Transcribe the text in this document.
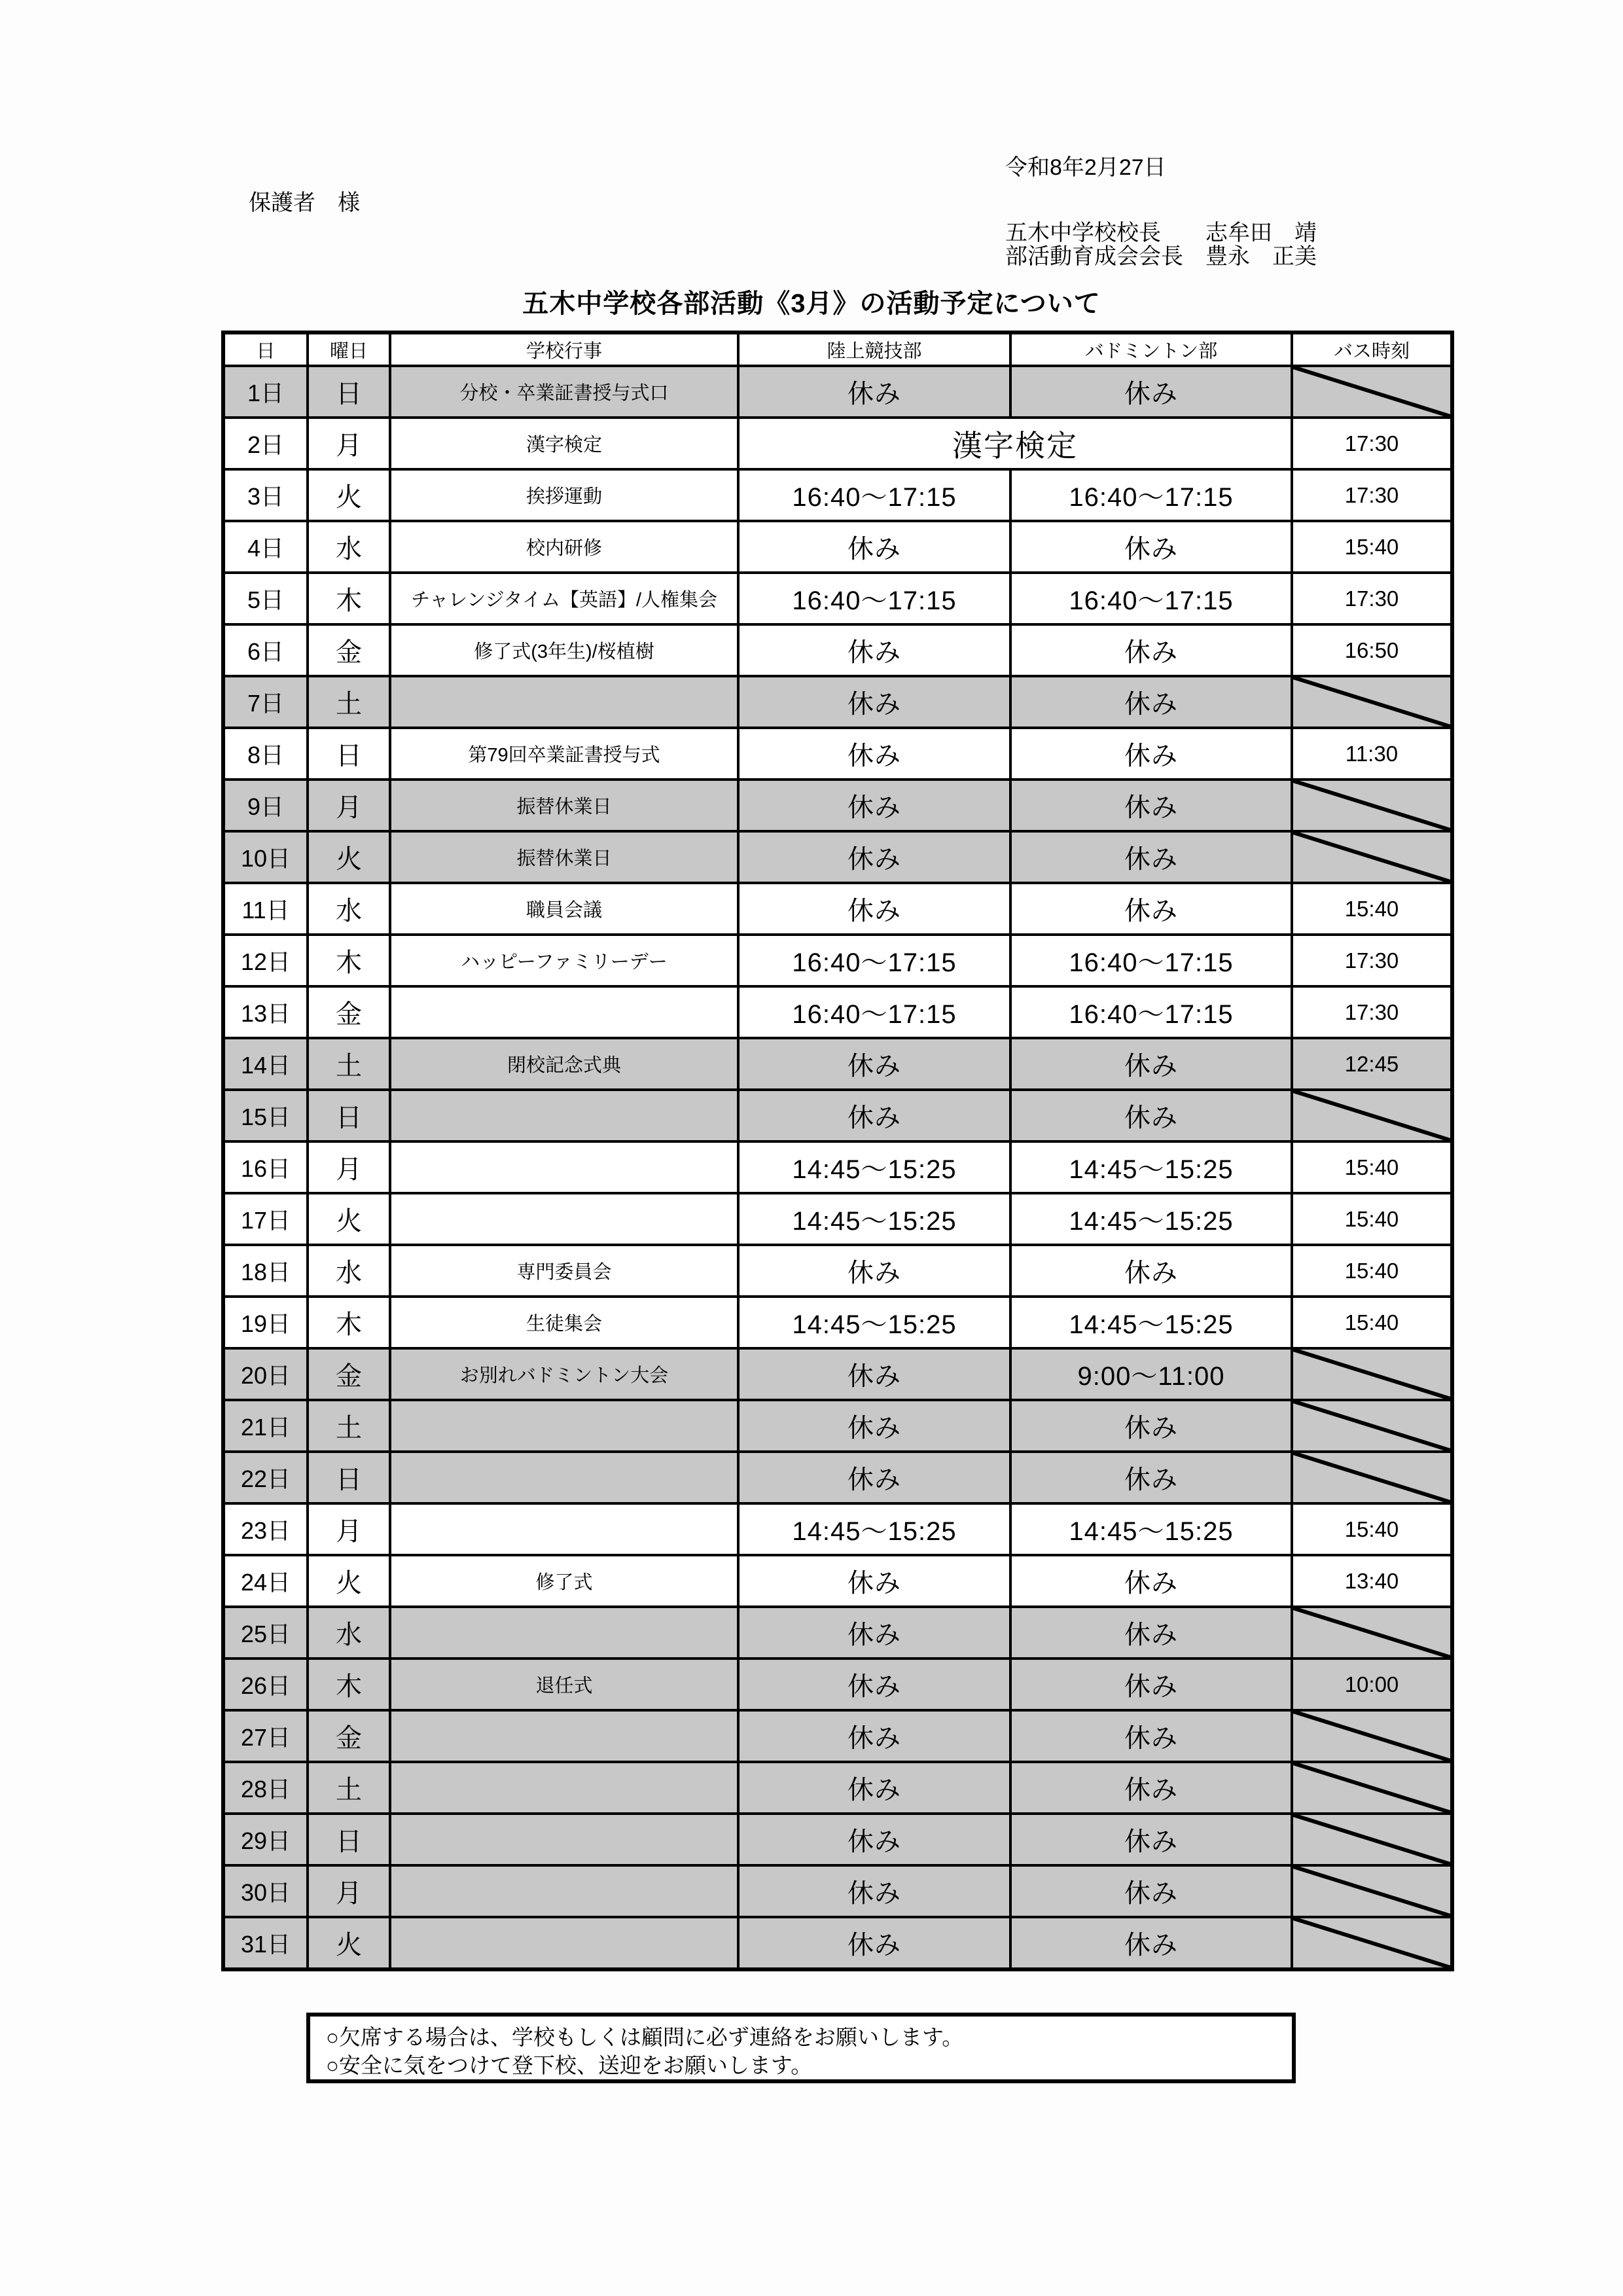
令和8年2月27日
保護者　様
五木中学校校長　　志牟田　靖
部活動育成会会長　豊永　正美
五木中学校各部活動《3月》の活動予定について
日	曜日	学校行事	陸上競技部	バドミントン部	バス時刻
1日	日	分校・卒業証書授与式口	休み	休み	

2日	月	漢字検定	漢字検定		17:30
3日	火	挨拶運動	16:40～17:15	16:40～17:15	17:30
4日	水	校内研修	休み	休み	15:40
5日	木	チャレンジタイム【英語】/人権集会	16:40～17:15	16:40～17:15	17:30
6日	金	修了式(3年生)/桜植樹	休み	休み	16:50
7日	土		休み	休み	

8日	日	第79回卒業証書授与式	休み	休み	11:30
9日	月	振替休業日	休み	休み	

10日	火	振替休業日	休み	休み	

11日	水	職員会議	休み	休み	15:40
12日	木	ハッピーファミリーデー	16:40～17:15	16:40～17:15	17:30
13日	金		16:40～17:15	16:40～17:15	17:30
14日	土	閉校記念式典	休み	休み	12:45
15日	日		休み	休み	

16日	月		14:45～15:25	14:45～15:25	15:40
17日	火		14:45～15:25	14:45～15:25	15:40
18日	水	専門委員会	休み	休み	15:40
19日	木	生徒集会	14:45～15:25	14:45～15:25	15:40
20日	金	お別れバドミントン大会	休み	9:00～11:00	

21日	土		休み	休み	

22日	日		休み	休み	

23日	月		14:45～15:25	14:45～15:25	15:40
24日	火	修了式	休み	休み	13:40
25日	水		休み	休み	

26日	木	退任式	休み	休み	10:00
27日	金		休み	休み	

28日	土		休み	休み	

29日	日		休み	休み	

30日	月		休み	休み	

31日	火		休み	休み	
○欠席する場合は、学校もしくは顧問に必ず連絡をお願いします。
○安全に気をつけて登下校、送迎をお願いします。
